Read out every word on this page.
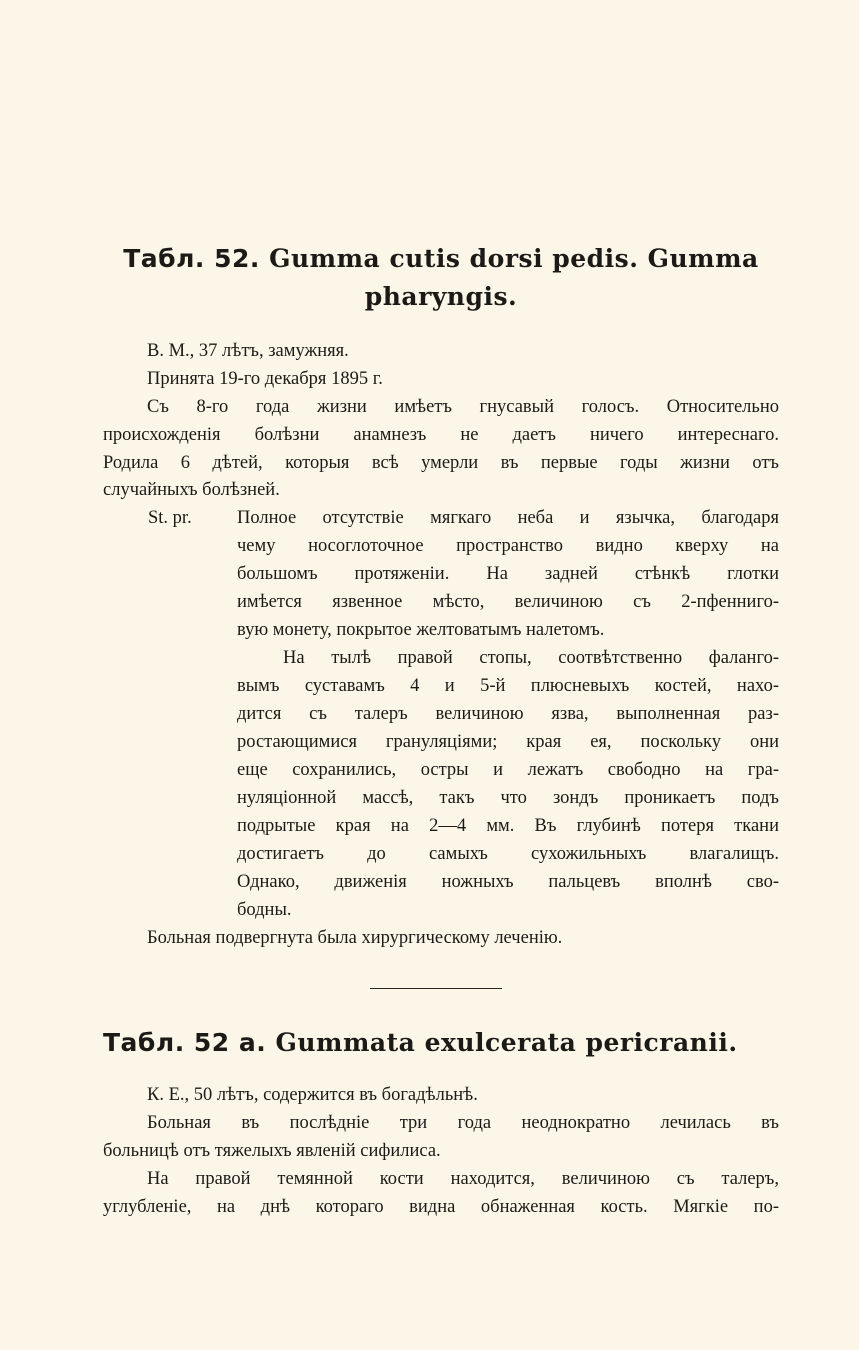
Табл. 52. Gumma cutis dorsi pedis. Gumma
pharyngis.

В. М., 37 лѣтъ, замужняя.

Принята 19-го декабря 1895 г.

Съ 8-го года жизни имѣетъ гнусавый голосъ. Относительно

происхожденія болѣзни анамнезъ не даетъ ничего интереснаго.

Родила 6 дѣтей, которыя всѣ умерли въ первые годы жизни отъ

случайныхъ болѣзней.

St. pr. Полное отсутствіе мягкаго неба и язычка, благодаря

чему носоглоточное пространство видно кверху на

большомъ протяженіи. На задней стѣнкѣ глотки

имѣется язвенное мѣсто, величиною съ 2-пфенниго-

вую монету, покрытое желтоватымъ налетомъ.

На тылѣ правой стопы, соотвѣтственно фаланго-

вымъ суставамъ 4 и 5-й плюсневыхъ костей, нахо-

дится съ талеръ величиною язва, выполненная раз-

ростающимися грануляціями; края ея, поскольку они

еще сохранились, остры и лежатъ свободно на гра-

нуляціонной массѣ, такъ что зондъ проникаетъ подъ

подрытые края на 2—4 мм. Въ глубинѣ потеря ткани

достигаетъ до самыхъ сухожильныхъ влагалищъ.

Однако, движенія ножныхъ пальцевъ вполнѣ сво-

бодны.

Больная подвергнута была хирургическому леченію.

Табл. 52 а. Gummata exulcerata pericranii.

К. Е., 50 лѣтъ, содержится въ богадѣльнѣ.

Больная въ послѣдніе три года неоднократно лечилась въ

больницѣ отъ тяжелыхъ явленій сифилиса.

На правой темянной кости находится, величиною съ талеръ,

углубленіе, на днѣ котораго видна обнаженная кость. Мягкіе по-
